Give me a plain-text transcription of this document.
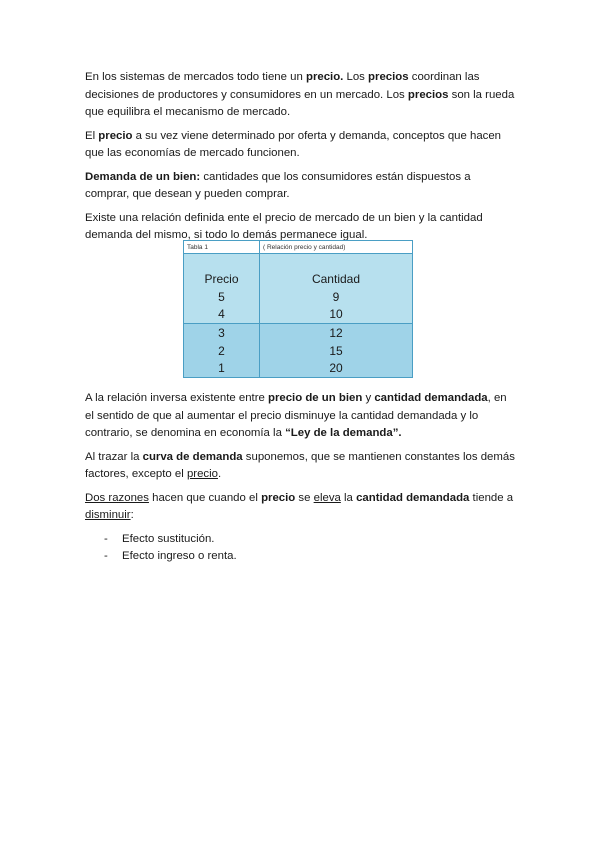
En los sistemas de mercados todo tiene un precio. Los precios coordinan las decisiones de productores y consumidores en un mercado. Los precios son la rueda que equilibra el mecanismo de mercado.

El precio a su vez viene determinado por oferta y demanda, conceptos que hacen que las economías de mercado funcionen.

Demanda de un bien: cantidades que los consumidores están dispuestos a comprar, que desean y pueden comprar.

Existe una relación definida ente el precio de mercado de un bien y la cantidad demanda del mismo, si todo lo demás permanece igual.

Tabla 1	( Relación precio y cantidad)

Precio	Cantidad
5	9
4	10
3	12
2	15
1	20

A la relación inversa existente entre precio de un bien y cantidad demandada, en el sentido de que al aumentar el precio disminuye la cantidad demandada y lo contrario, se denomina en economía la “Ley de la demanda”.

Al trazar la curva de demanda suponemos, que se mantienen constantes los demás factores, excepto el precio.

Dos razones hacen que cuando el precio se eleva la cantidad demandada tiende a disminuir:

- Efecto sustitución.
- Efecto ingreso o renta.
